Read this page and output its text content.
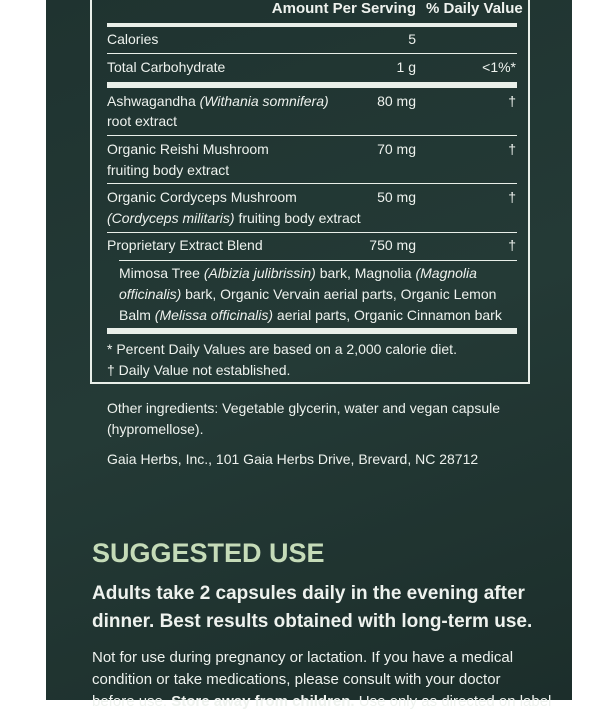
Amount Per Serving % Daily Value
Calories	5
Total Carbohydrate	1 g	<1%*
Ashwagandha (Withania somnifera)
root extract
80 mg	†
Organic Reishi Mushroom
fruiting body extract
70 mg	†
Organic Cordyceps Mushroom
(Cordyceps militaris) fruiting body extract
50 mg	†
Proprietary Extract Blend	750 mg	†
Mimosa Tree (Albizia julibrissin) bark, Magnolia (Magnolia
officinalis) bark, Organic Vervain aerial parts, Organic Lemon
Balm (Melissa officinalis) aerial parts, Organic Cinnamon bark
* Percent Daily Values are based on a 2,000 calorie diet.
† Daily Value not established.
Other ingredients: Vegetable glycerin, water and vegan capsule
(hypromellose).
Gaia Herbs, Inc., 101 Gaia Herbs Drive, Brevard, NC 28712
SUGGESTED USE
Adults take 2 capsules daily in the evening after
dinner. Best results obtained with long-term use.
Not for use during pregnancy or lactation. If you have a medical
condition or take medications, please consult with your doctor
before use. Store away from children. Use only as directed on label
